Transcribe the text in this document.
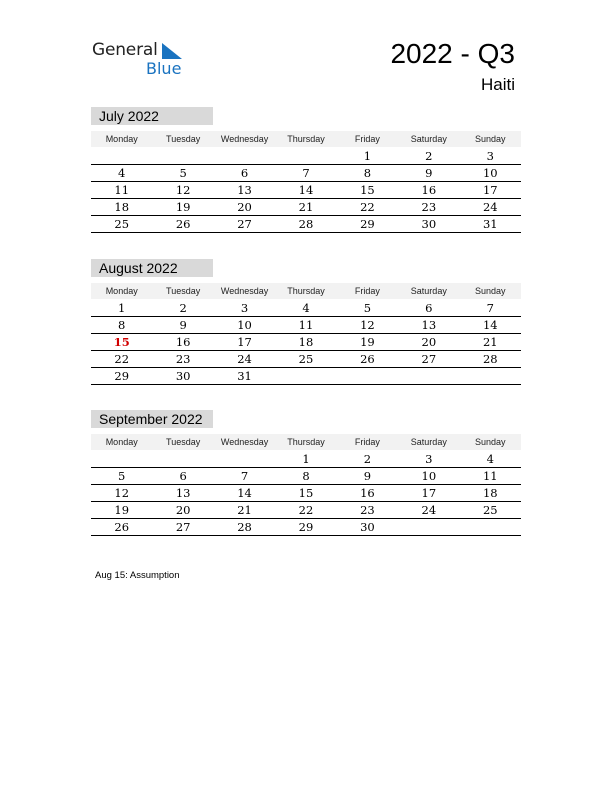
General
Blue	2022 - Q3
Haiti
July 2022
Monday	Tuesday	Wednesday	Thursday	Friday	Saturday	Sunday
				1	2	3
4	5	6	7	8	9	10
11	12	13	14	15	16	17
18	19	20	21	22	23	24
25	26	27	28	29	30	31
August 2022
Monday	Tuesday	Wednesday	Thursday	Friday	Saturday	Sunday
1	2	3	4	5	6	7
8	9	10	11	12	13	14
15	16	17	18	19	20	21
22	23	24	25	26	27	28
29	30	31				
September 2022
Monday	Tuesday	Wednesday	Thursday	Friday	Saturday	Sunday
			1	2	3	4
5	6	7	8	9	10	11
12	13	14	15	16	17	18
19	20	21	22	23	24	25
26	27	28	29	30		
Aug 15: Assumption
